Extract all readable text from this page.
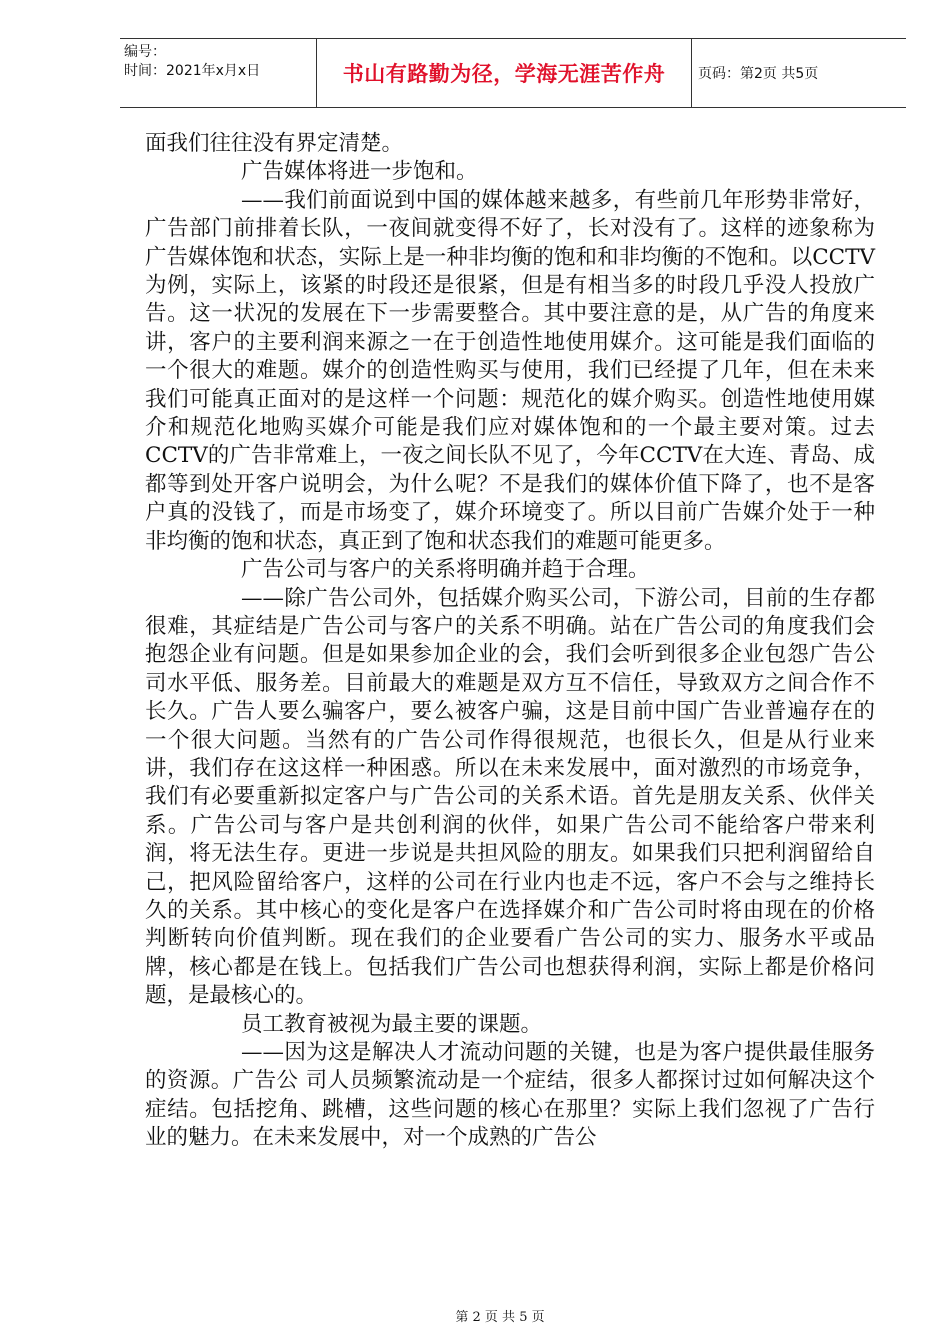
编号：
时间：2021年x月x日	书山有路勤为径，学海无涯苦作舟 页码：第2页 共5页

面我们往往没有界定清楚。

广告媒体将进一步饱和。

——我们前面说到中国的媒体越来越多，有些前几年形势非常好，广告部门前排着长队，一夜间就变得不好了，长对没有了。这样的迹象称为广告媒体饱和状态，实际上是一种非均衡的饱和和非均衡的不饱和。以CCTV为例，实际上，该紧的时段还是很紧，但是有相当多的时段几乎没人投放广告。这一状况的发展在下一步需要整合。其中要注意的是，从广告的角度来讲，客户的主要利润来源之一在于创造性地使用媒介。这可能是我们面临的一个很大的难题。媒介的创造性购买与使用，我们已经提了几年，但在未来我们可能真正面对的是这样一个问题：规范化的媒介购买。创造性地使用媒介和规范化地购买媒介可能是我们应对媒体饱和的一个最主要对策。过去CCTV的广告非常难上，一夜之间长队不见了，今年CCTV在大连、青岛、成都等到处开客户说明会，为什么呢？不是我们的媒体价值下降了，也不是客户真的没钱了，而是市场变了，媒介环境变了。所以目前广告媒介处于一种非均衡的饱和状态，真正到了饱和状态我们的难题可能更多。

广告公司与客户的关系将明确并趋于合理。

——除广告公司外，包括媒介购买公司，下游公司，目前的生存都很难，其症结是广告公司与客户的关系不明确。站在广告公司的角度我们会抱怨企业有问题。但是如果参加企业的会，我们会听到很多企业包怨广告公司水平低、服务差。目前最大的难题是双方互不信任，导致双方之间合作不长久。广告人要么骗客户，要么被客户骗，这是目前中国广告业普遍存在的一个很大问题。当然有的广告公司作得很规范，也很长久，但是从行业来讲，我们存在这这样一种困惑。所以在未来发展中，面对激烈的市场竞争，我们有必要重新拟定客户与广告公司的关系术语。首先是朋友关系、伙伴关系。广告公司与客户是共创利润的伙伴，如果广告公司不能给客户带来利润，将无法生存。更进一步说是共担风险的朋友。如果我们只把利润留给自己，把风险留给客户，这样的公司在行业内也走不远，客户不会与之维持长久的关系。其中核心的变化是客户在选择媒介和广告公司时将由现在的价格判断转向价值判断。现在我们的企业要看广告公司的实力、服务水平或品牌，核心都是在钱上。包括我们广告公司也想获得利润，实际上都是价格问题，是最核心的。

员工教育被视为最主要的课题。

——因为这是解决人才流动问题的关键，也是为客户提供最佳服务的资源。广告公 司人员频繁流动是一个症结，很多人都探讨过如何解决这个症结。包括挖角、跳槽，这些问题的核心在那里？实际上我们忽视了广告行业的魅力。在未来发展中，对一个成熟的广告公

第 2 页 共 5 页
